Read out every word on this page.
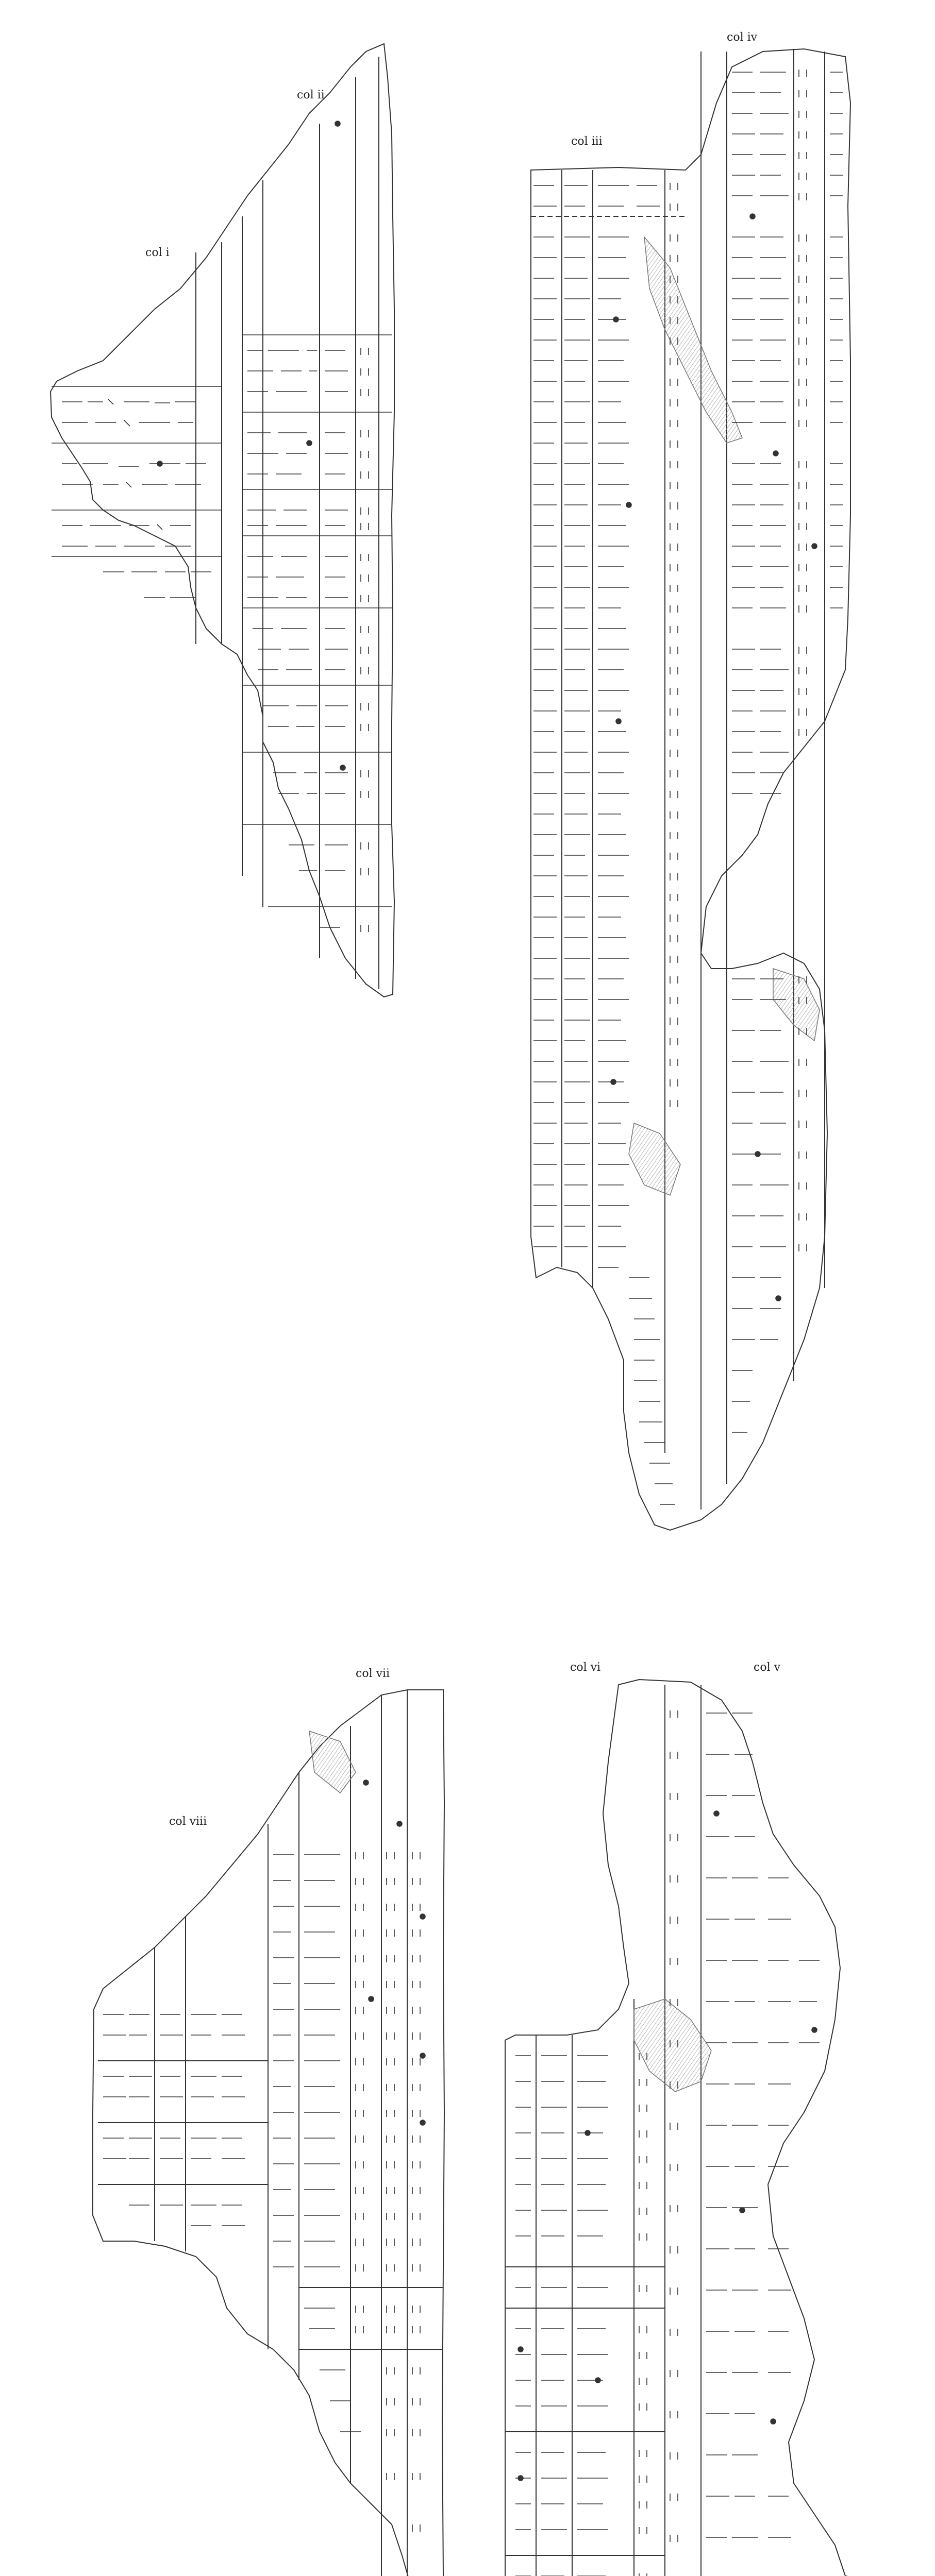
col i
col ii
col iii
col iv
col v
col vi
col vii
col viii
